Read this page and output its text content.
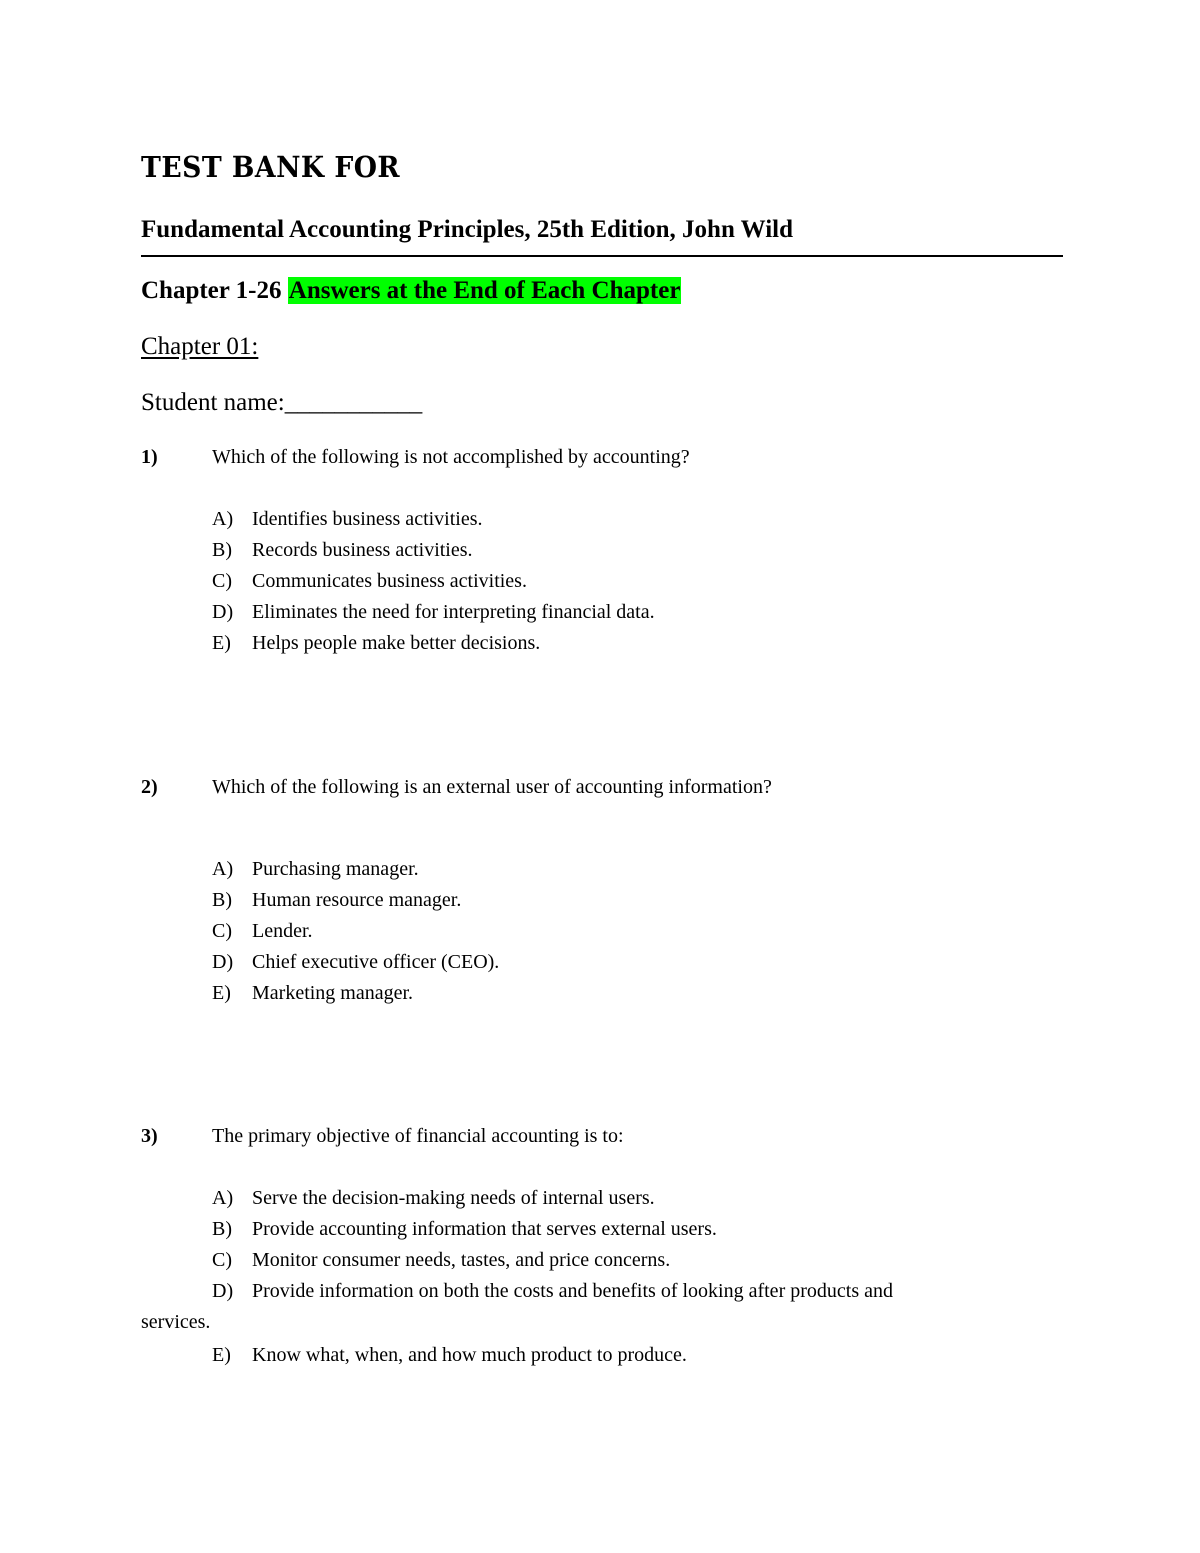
TEST BANK FOR
Fundamental Accounting Principles, 25th Edition, John Wild
Chapter 1-26 Answers at the End of Each Chapter
Chapter 01:
Student name:___________
1)	Which of the following is not accomplished by accounting?
A) Identifies business activities.
B) Records business activities.
C) Communicates business activities.
D) Eliminates the need for interpreting financial data.
E) Helps people make better decisions.
2)	Which of the following is an external user of accounting information?
A) Purchasing manager.
B) Human resource manager.
C) Lender.
D) Chief executive officer (CEO).
E) Marketing manager.
3)	The primary objective of financial accounting is to:
A) Serve the decision-making needs of internal users.
B) Provide accounting information that serves external users.
C) Monitor consumer needs, tastes, and price concerns.
D) Provide information on both the costs and benefits of looking after products and
services.
E) Know what, when, and how much product to produce.
